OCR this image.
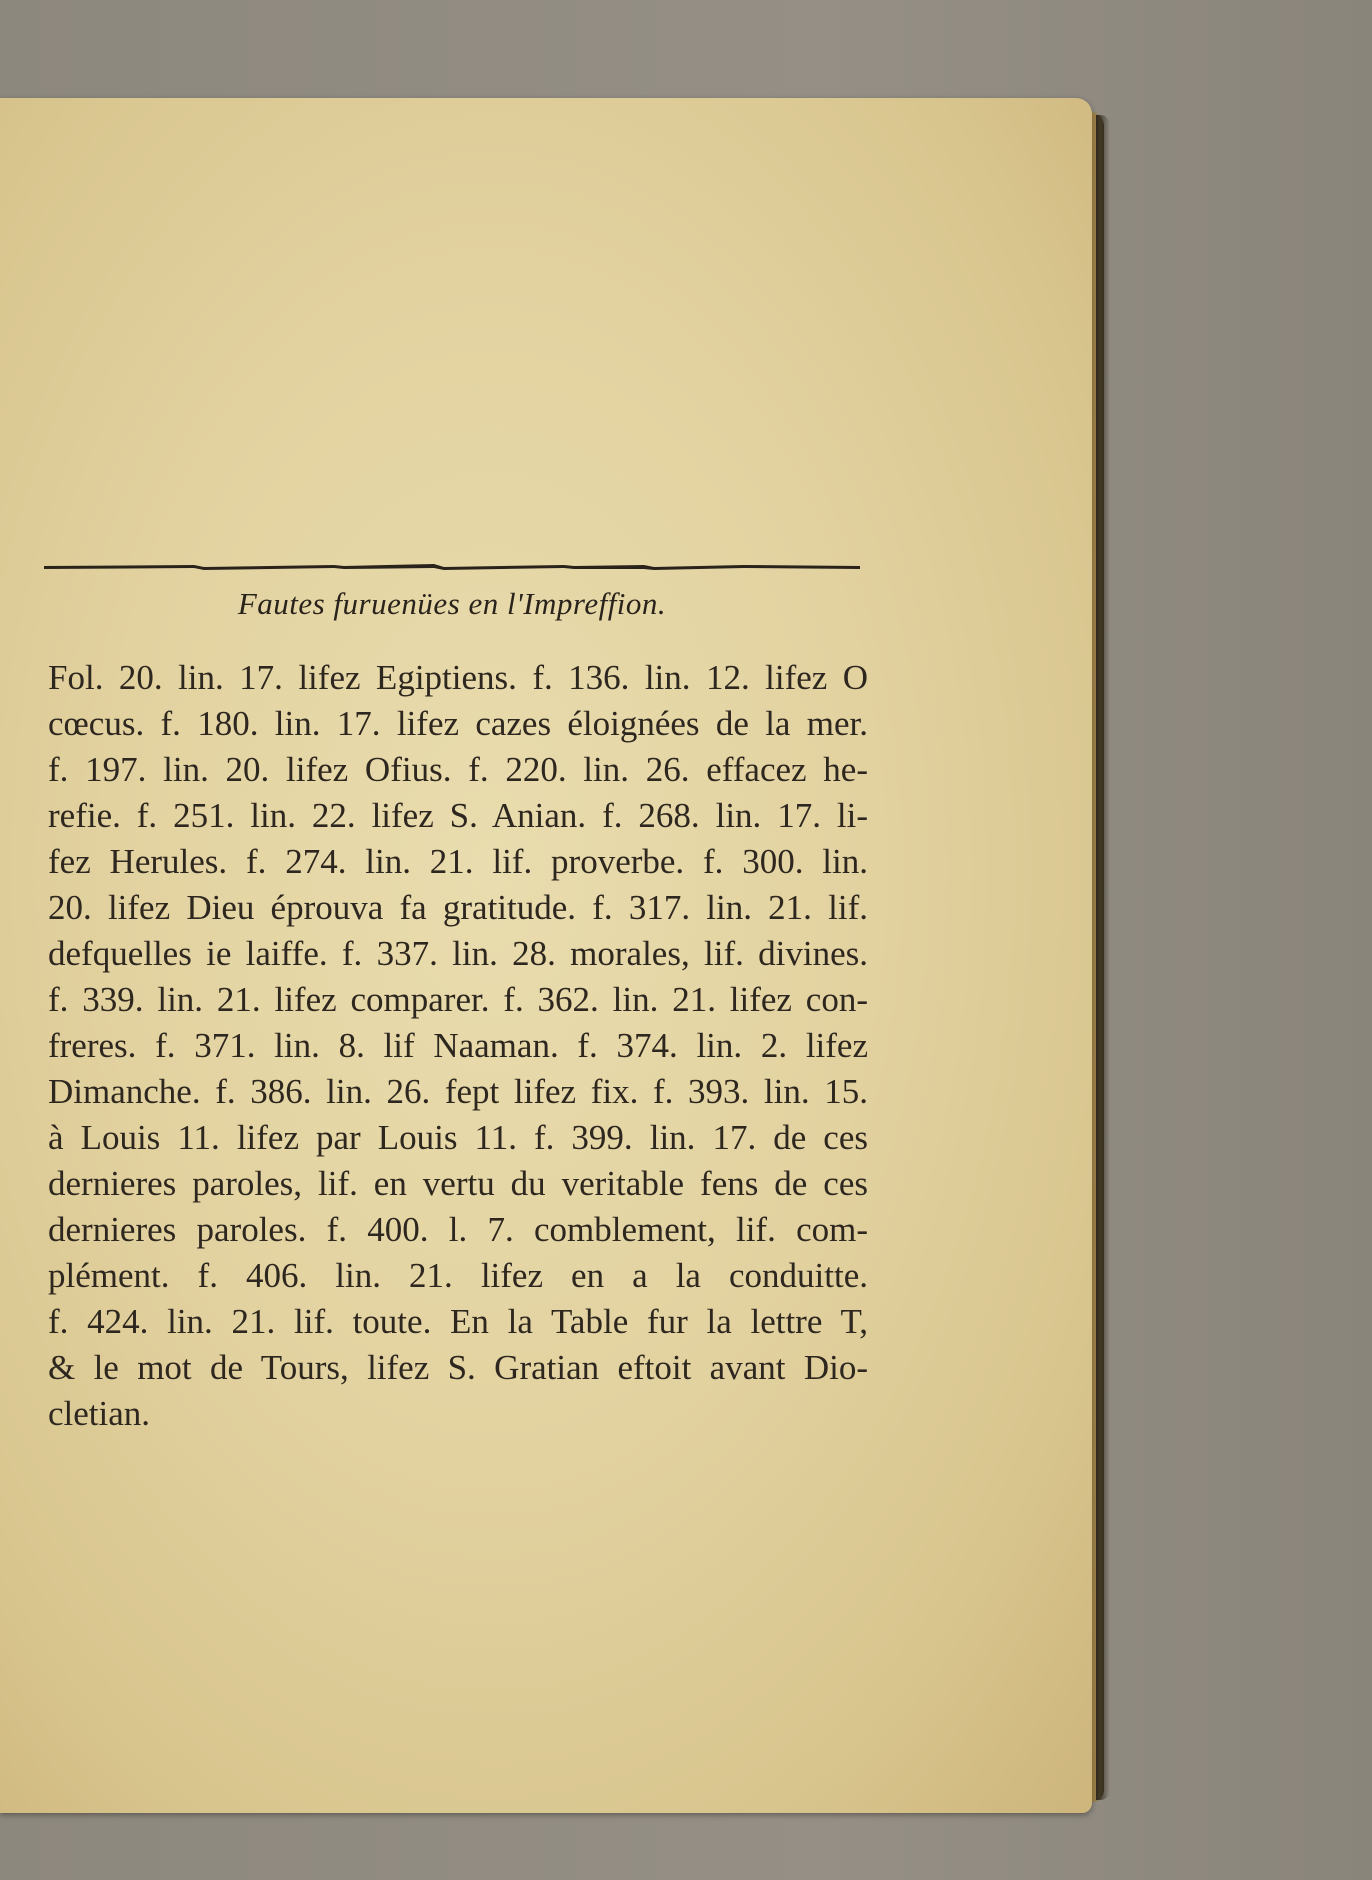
Fautes furuenües en l'Impreffion.
Fol. 20. lin. 17. lifez Egiptiens. f. 136. lin. 12. lifez O
cœcus. f. 180. lin. 17. lifez cazes éloignées de la mer.
f. 197. lin. 20. lifez Ofius. f. 220. lin. 26. effacez he-
refie. f. 251. lin. 22. lifez S. Anian. f. 268. lin. 17. li-
fez Herules. f. 274. lin. 21. lif. proverbe. f. 300. lin.
20. lifez Dieu éprouva fa gratitude. f. 317. lin. 21. lif.
defquelles ie laiffe. f. 337. lin. 28. morales, lif. divines.
f. 339. lin. 21. lifez comparer. f. 362. lin. 21. lifez con-
freres. f. 371. lin. 8. lif Naaman. f. 374. lin. 2. lifez
Dimanche. f. 386. lin. 26. fept lifez fix. f. 393. lin. 15.
à Louis 11. lifez par Louis 11. f. 399. lin. 17. de ces
dernieres paroles, lif. en vertu du veritable fens de ces
dernieres paroles. f. 400. l. 7. comblement, lif. com-
plément. f. 406. lin. 21. lifez en a la conduitte.
f. 424. lin. 21. lif. toute. En la Table fur la lettre T,
& le mot de Tours, lifez S. Gratian eftoit avant Dio-
cletian.
